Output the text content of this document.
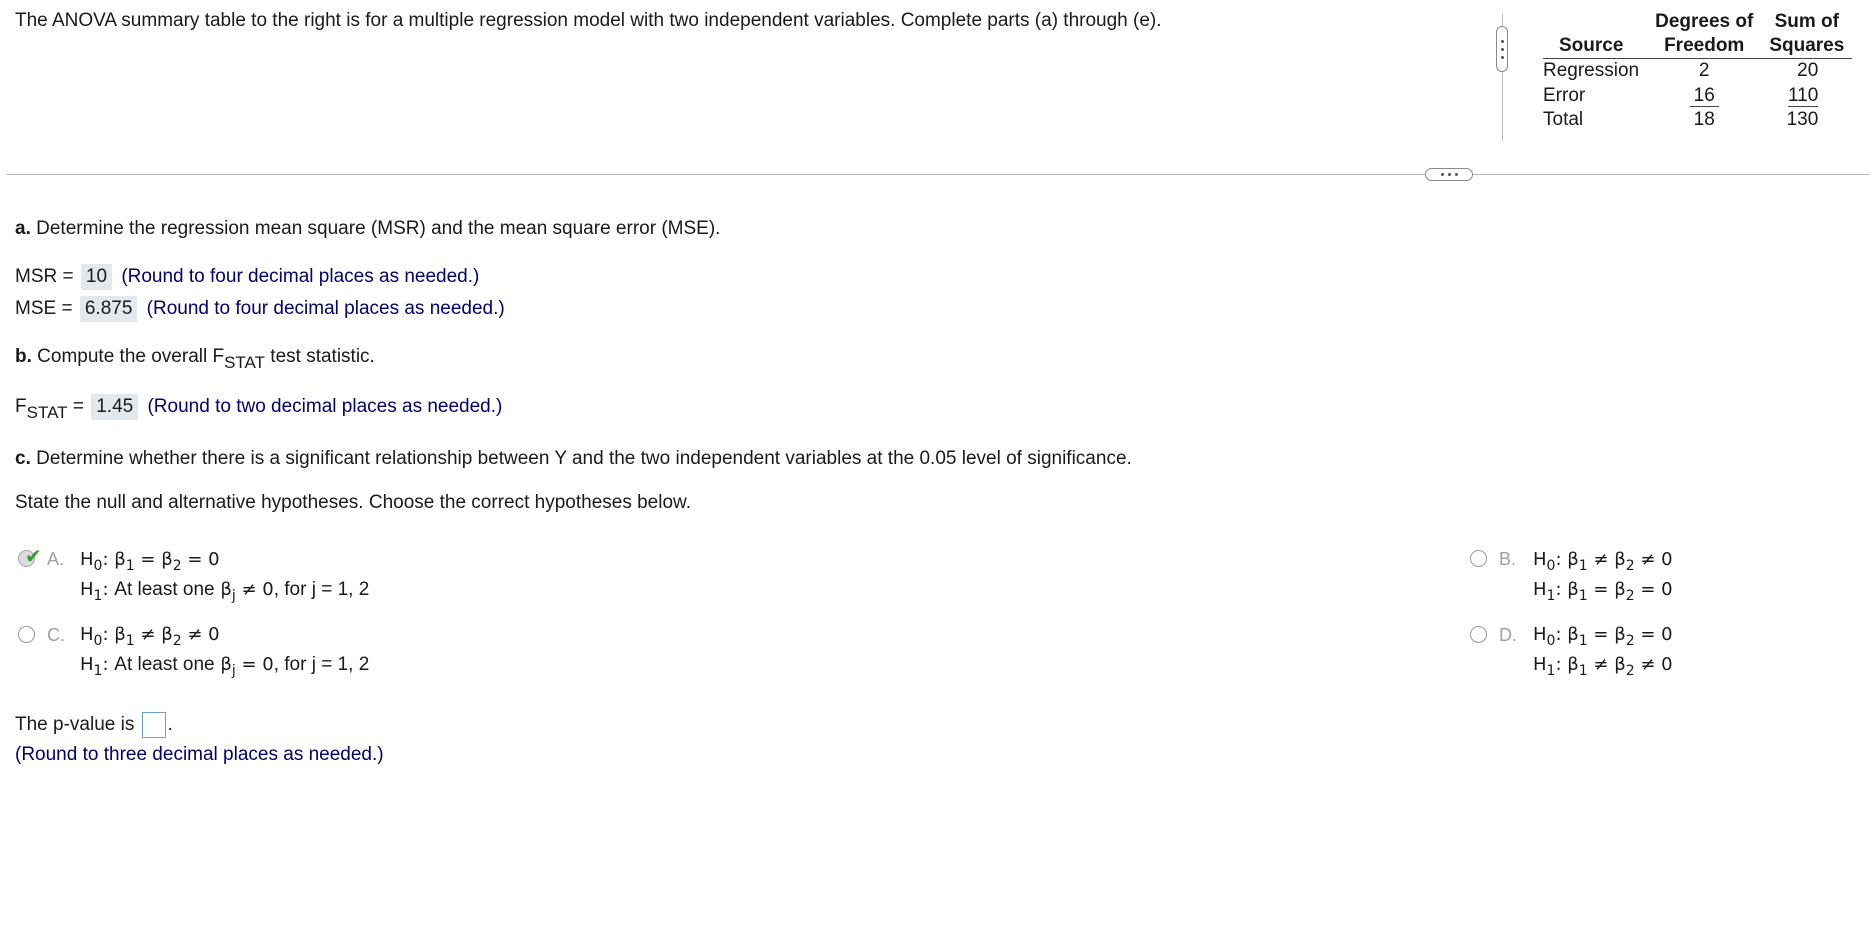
The ANOVA summary table to the right is for a multiple regression model with two independent variables. Complete parts (a) through (e).
		Degrees of	Sum of
Source	Freedom	Squares
Regression	2	20
Error	16	110
Total	18	130
a. Determine the regression mean square (MSR) and the mean square error (MSE).
MSR = 10 (Round to four decimal places as needed.)
MSE = 6.875 (Round to four decimal places as needed.)
b. Compute the overall FSTAT test statistic.
FSTAT = 1.45 (Round to two decimal places as needed.)
c. Determine whether there is a significant relationship between Y and the two independent variables at the 0.05 level of significance.
State the null and alternative hypotheses. Choose the correct hypotheses below.
✔ A. $H_0$: $\beta_1 = \beta_2 = 0$
$H_1$: At least one $\beta_j \ne 0$, for j = 1, 2
C. $H_0$: $\beta_1 \ne \beta_2 \ne 0$
$H_1$: At least one $\beta_j = 0$, for j = 1, 2
B. $H_0$: $\beta_1 \ne \beta_2 \ne 0$
$H_1$: $\beta_1 = \beta_2 = 0$
D. $H_0$: $\beta_1 = \beta_2 = 0$
$H_1$: $\beta_1 \ne \beta_2 \ne 0$
The p-value is .
(Round to three decimal places as needed.)
